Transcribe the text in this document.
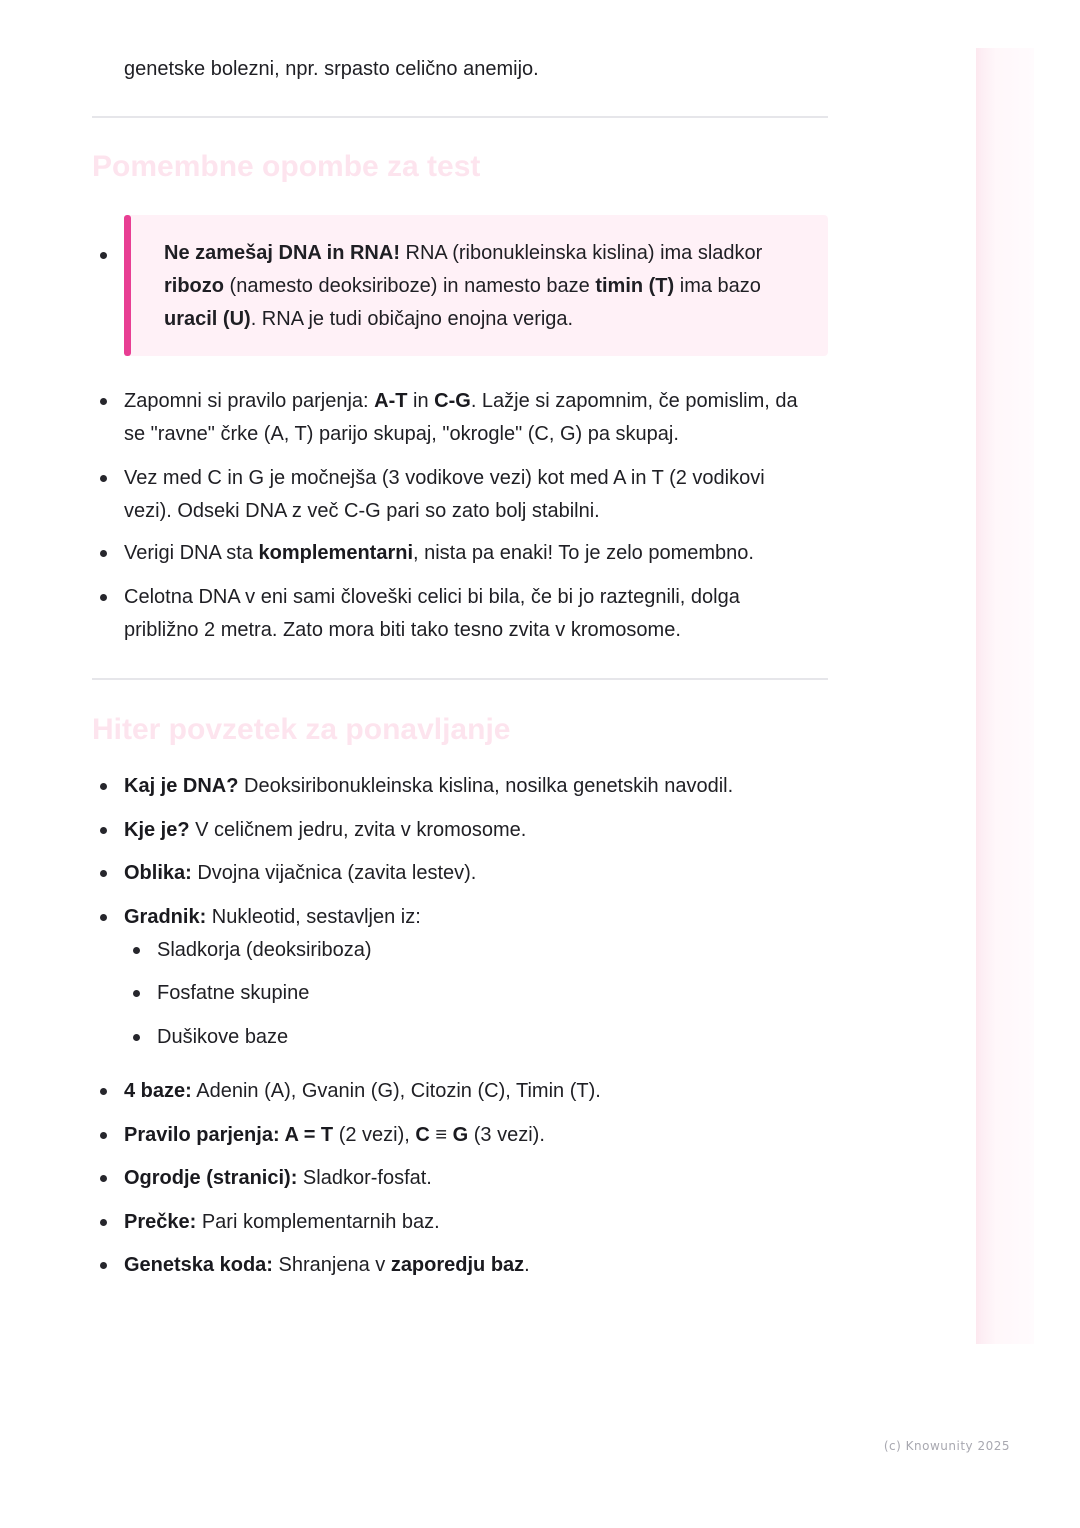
genetske bolezni, npr. srpasto celično anemijo.
Pomembne opombe za test
Ne zamešaj DNA in RNA! RNA (ribonukleinska kislina) ima sladkor ribozo (namesto deoksiriboze) in namesto baze timin (T) ima bazo uracil (U). RNA je tudi običajno enojna veriga.
Zapomni si pravilo parjenja: A-T in C-G. Lažje si zapomnim, če pomislim, da se "ravne" črke (A, T) parijo skupaj, "okrogle" (C, G) pa skupaj.
Vez med C in G je močnejša (3 vodikove vezi) kot med A in T (2 vodikovi vezi). Odseki DNA z več C-G pari so zato bolj stabilni.
Verigi DNA sta komplementarni, nista pa enaki! To je zelo pomembno.
Celotna DNA v eni sami človeški celici bi bila, če bi jo raztegnili, dolga približno 2 metra. Zato mora biti tako tesno zvita v kromosome.
Hiter povzetek za ponavljanje
Kaj je DNA? Deoksiribonukleinska kislina, nosilka genetskih navodil.
Kje je? V celičnem jedru, zvita v kromosome.
Oblika: Dvojna vijačnica (zavita lestev).
Gradnik: Nukleotid, sestavljen iz:
Sladkorja (deoksiriboza)
Fosfatne skupine
Dušikove baze
4 baze: Adenin (A), Gvanin (G), Citozin (C), Timin (T).
Pravilo parjenja: A = T (2 vezi), C ≡ G (3 vezi).
Ogrodje (stranici): Sladkor-fosfat.
Prečke: Pari komplementarnih baz.
Genetska koda: Shranjena v zaporedju baz.
(c) Knowunity 2025
